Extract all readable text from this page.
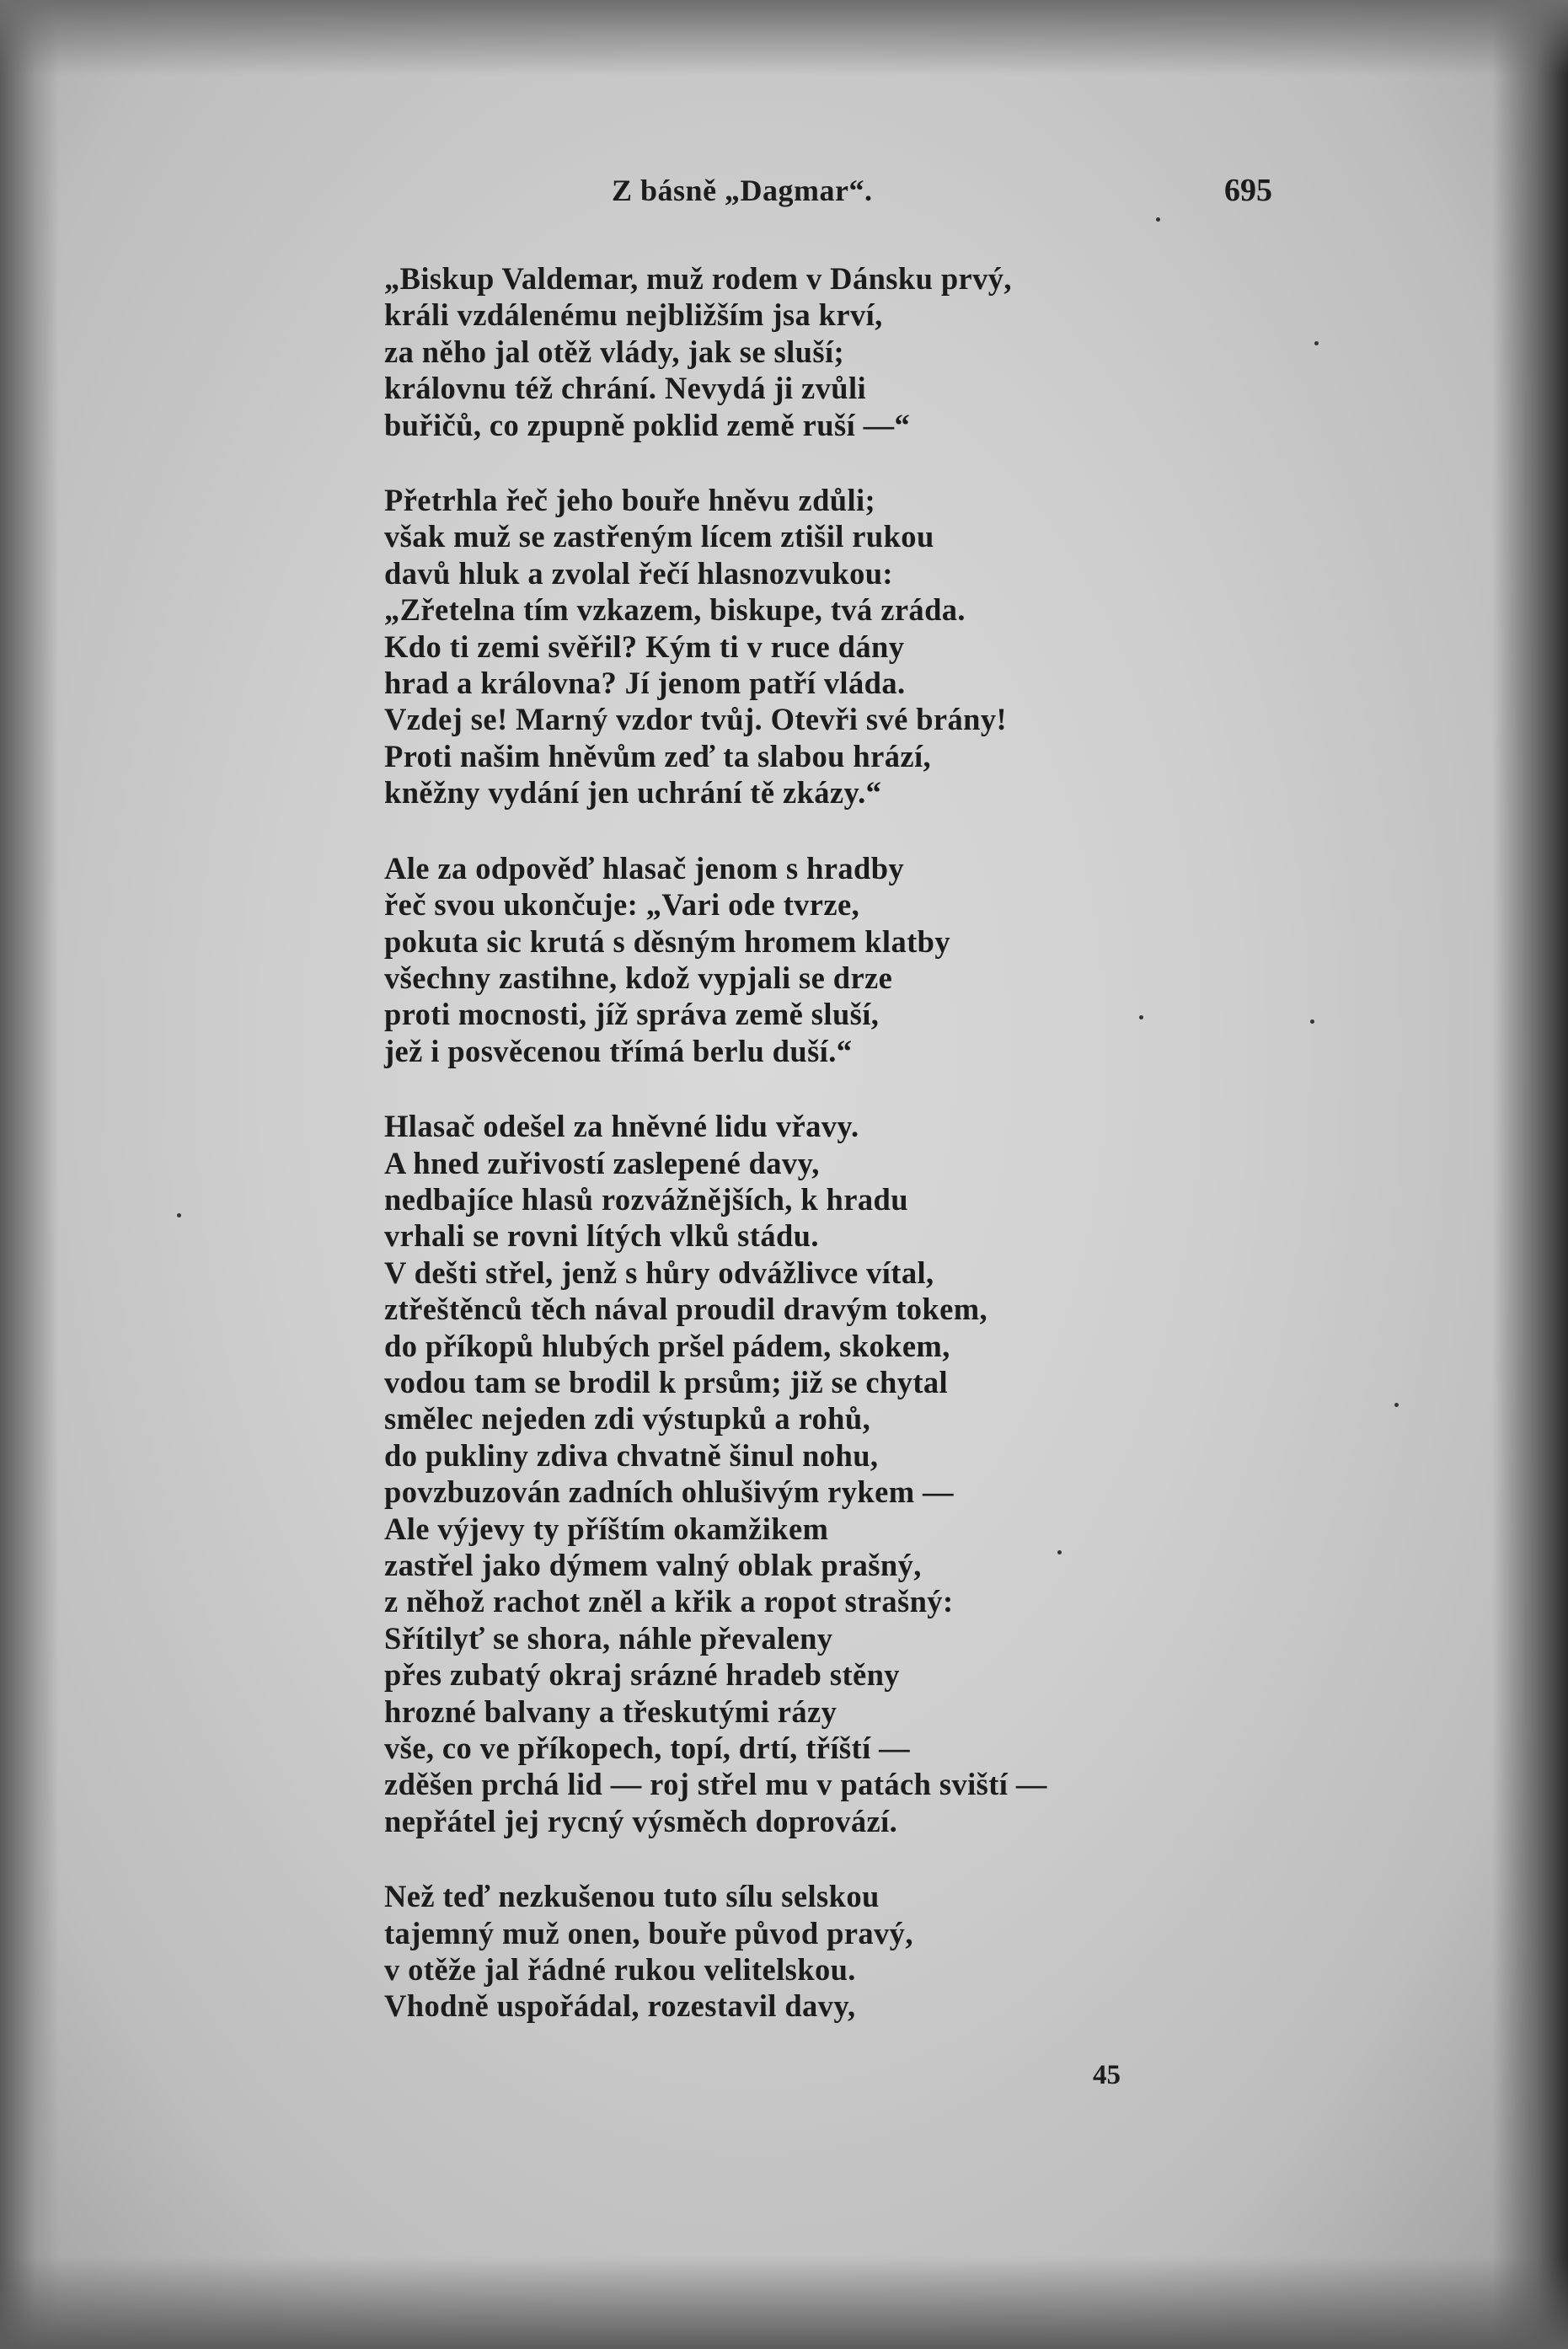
Z básně „Dagmar“.	695
„Biskup Valdemar, muž rodem v Dánsku prvý,
králi vzdálenému nejbližším jsa krví,
za něho jal otěž vlády, jak se sluší;
královnu též chrání. Nevydá ji zvůli
buřičů, co zpupně poklid země ruší —“
Přetrhla řeč jeho bouře hněvu zdůli;
však muž se zastřeným lícem ztišil rukou
davů hluk a zvolal řečí hlasnozvukou:
„Zřetelna tím vzkazem, biskupe, tvá zráda.
Kdo ti zemi svěřil? Kým ti v ruce dány
hrad a královna? Jí jenom patří vláda.
Vzdej se! Marný vzdor tvůj. Otevři své brány!
Proti našim hněvům zeď ta slabou hrází,
kněžny vydání jen uchrání tě zkázy.“
Ale za odpověď hlasač jenom s hradby
řeč svou ukončuje: „Vari ode tvrze,
pokuta sic krutá s děsným hromem klatby
všechny zastihne, kdož vypjali se drze
proti mocnosti, jíž správa země sluší,
jež i posvěcenou třímá berlu duší.“
Hlasač odešel za hněvné lidu vřavy.
A hned zuřivostí zaslepené davy,
nedbajíce hlasů rozvážnějších, k hradu
vrhali se rovni lítých vlků stádu.
V dešti střel, jenž s hůry odvážlivce vítal,
ztřeštěnců těch nával proudil dravým tokem,
do příkopů hlubých pršel pádem, skokem,
vodou tam se brodil k prsům; již se chytal
smělec nejeden zdi výstupků a rohů,
do pukliny zdiva chvatně šinul nohu,
povzbuzován zadních ohlušivým rykem —
Ale výjevy ty příštím okamžikem
zastřel jako dýmem valný oblak prašný,
z něhož rachot zněl a křik a ropot strašný:
Sřítilyť se shora, náhle převaleny
přes zubatý okraj srázné hradeb stěny
hrozné balvany a třeskutými rázy
vše, co ve příkopech, topí, drtí, tříští —
zděšen prchá lid — roj střel mu v patách sviští —
nepřátel jej rycný výsměch doprovází.
Než teď nezkušenou tuto sílu selskou
tajemný muž onen, bouře původ pravý,
v otěže jal řádné rukou velitelskou.
Vhodně uspořádal, rozestavil davy,
45
